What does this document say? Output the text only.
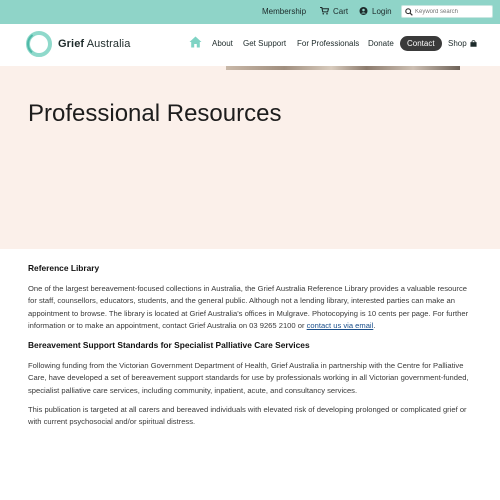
Membership	Cart	Login
Keyword search
Grief Australia	About Get Support For Professionals Donate	Contact	Shop
Professional Resources
Reference Library

One of the largest bereavement-focused collections in Australia, the Grief Australia Reference Library provides a valuable resource for staff, counsellors, educators, students, and the general public. Although not a lending library, interested parties can make an appointment to browse. The library is located at Grief Australia's offices in Mulgrave. Photocopying is 10 cents per page. For further information or to make an appointment, contact Grief Australia on 03 9265 2100 or contact us via email.

Bereavement Support Standards for Specialist Palliative Care Services

Following funding from the Victorian Government Department of Health, Grief Australia in partnership with the Centre for Palliative Care, have developed a set of bereavement support standards for use by professionals working in all Victorian government-funded, specialist palliative care services, including community, inpatient, acute, and consultancy services.

This publication is targeted at all carers and bereaved individuals with elevated risk of developing prolonged or complicated grief or with current psychosocial and/or spiritual distress.
